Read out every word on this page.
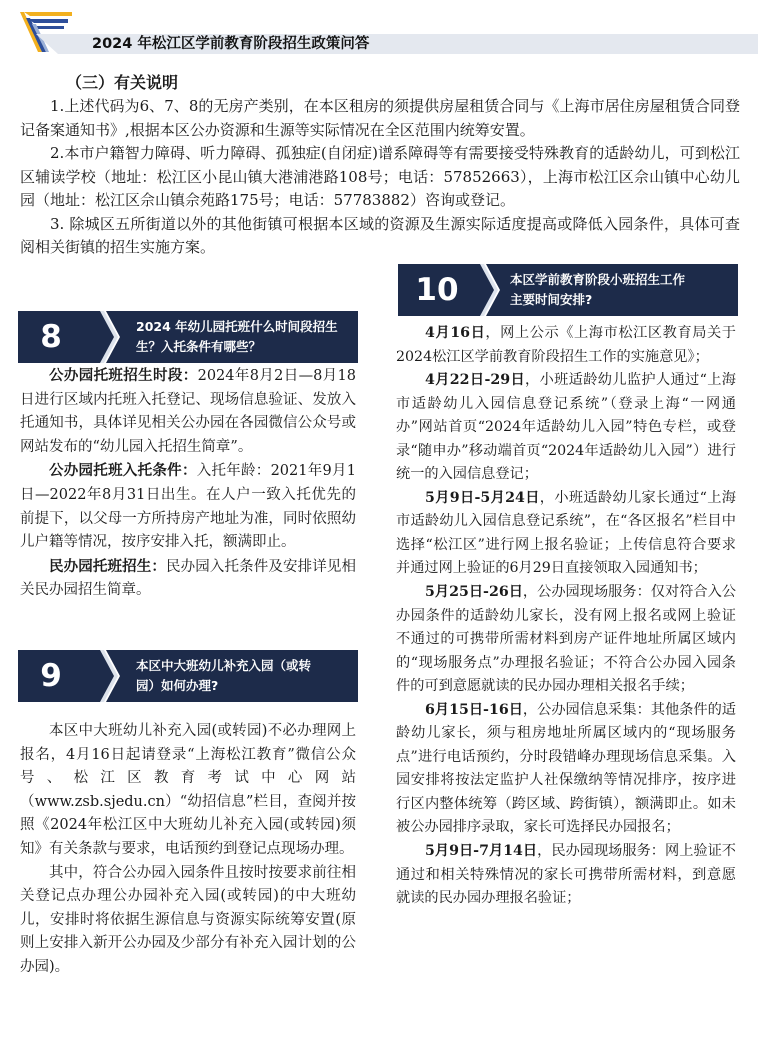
2024 年松江区学前教育阶段招生政策问答
（三）有关说明

1.上述代码为6、7、8的无房产类别，在本区租房的须提供房屋租赁合同与《上海市居住房屋租赁合同登记备案通知书》,根据本区公办资源和生源等实际情况在全区范围内统筹安置。

2.本市户籍智力障碍、听力障碍、孤独症(自闭症)谱系障碍等有需要接受特殊教育的适龄幼儿，可到松江区辅读学校（地址：松江区小昆山镇大港浦港路108号；电话：57852663），上海市松江区佘山镇中心幼儿园（地址：松江区佘山镇佘苑路175号；电话：57783882）咨询或登记。

3. 除城区五所街道以外的其他街镇可根据本区域的资源及生源实际适度提高或降低入园条件，具体可查阅相关街镇的招生实施方案。

8	2024 年幼儿园托班什么时间段招生
生？入托条件有哪些？

公办园托班招生时段：2024年8月2日—8月18日进行区域内托班入托登记、现场信息验证、发放入托通知书，具体详见相关公办园在各园微信公众号或网站发布的“幼儿园入托招生简章”。

公办园托班入托条件：入托年龄：2021年9月1日—2022年8月31日出生。在人户一致入托优先的前提下，以父母一方所持房产地址为准，同时依照幼儿户籍等情况，按序安排入托，额满即止。

民办园托班招生：民办园入托条件及安排详见相关民办园招生简章。

9	本区中大班幼儿补充入园（或转
园）如何办理?

本区中大班幼儿补充入园(或转园)不必办理网上报名，4月16日起请登录“上海松江教育”微信公众号、松江区教育考试中心网站（www.zsb.sjedu.cn）“幼招信息”栏目，查阅并按照《2024年松江区中大班幼儿补充入园(或转园)须知》有关条款与要求，电话预约到登记点现场办理。

其中，符合公办园入园条件且按时按要求前往相关登记点办理公办园补充入园(或转园)的中大班幼儿，安排时将依据生源信息与资源实际统筹安置(原则上安排入新开公办园及少部分有补充入园计划的公办园)。

10	本区学前教育阶段小班招生工作
主要时间安排?

4月16日，网上公示《上海市松江区教育局关于2024松江区学前教育阶段招生工作的实施意见》；

4月22日-29日，小班适龄幼儿监护人通过“上海市适龄幼儿入园信息登记系统”（登录上海“一网通办”网站首页“2024年适龄幼儿入园”特色专栏，或登录“随申办”移动端首页“2024年适龄幼儿入园”）进行统一的入园信息登记；

5月9日-5月24日，小班适龄幼儿家长通过“上海市适龄幼儿入园信息登记系统”，在“各区报名”栏目中选择“松江区”进行网上报名验证；上传信息符合要求并通过网上验证的6月29日直接领取入园通知书；

5月25日-26日，公办园现场服务：仅对符合入公办园条件的适龄幼儿家长，没有网上报名或网上验证不通过的可携带所需材料到房产证件地址所属区域内的“现场服务点”办理报名验证；不符合公办园入园条件的可到意愿就读的民办园办理相关报名手续；

6月15日-16日，公办园信息采集：其他条件的适龄幼儿家长，须与租房地址所属区域内的“现场服务点”进行电话预约，分时段错峰办理现场信息采集。入园安排将按法定监护人社保缴纳等情况排序，按序进行区内整体统筹（跨区域、跨街镇），额满即止。如未被公办园排序录取，家长可选择民办园报名；

5月9日-7月14日，民办园现场服务：网上验证不通过和相关特殊情况的家长可携带所需材料，到意愿就读的民办园办理报名验证；
